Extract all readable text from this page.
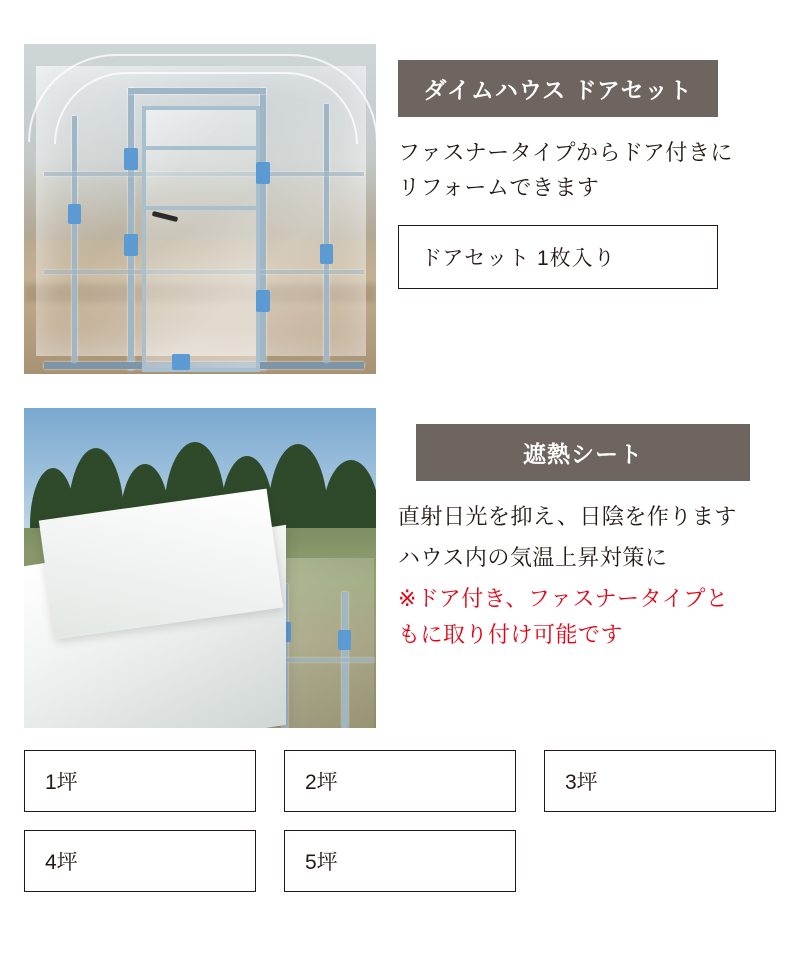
ダイムハウス ドアセット
ファスナータイプからドア付きにリフォームできます
ドアセット 1枚入り
遮熱シート
直射日光を抑え、日陰を作ります
ハウス内の気温上昇対策に
※ドア付き、ファスナータイプともに取り付け可能です
1坪	2坪	3坪
4坪	5坪
